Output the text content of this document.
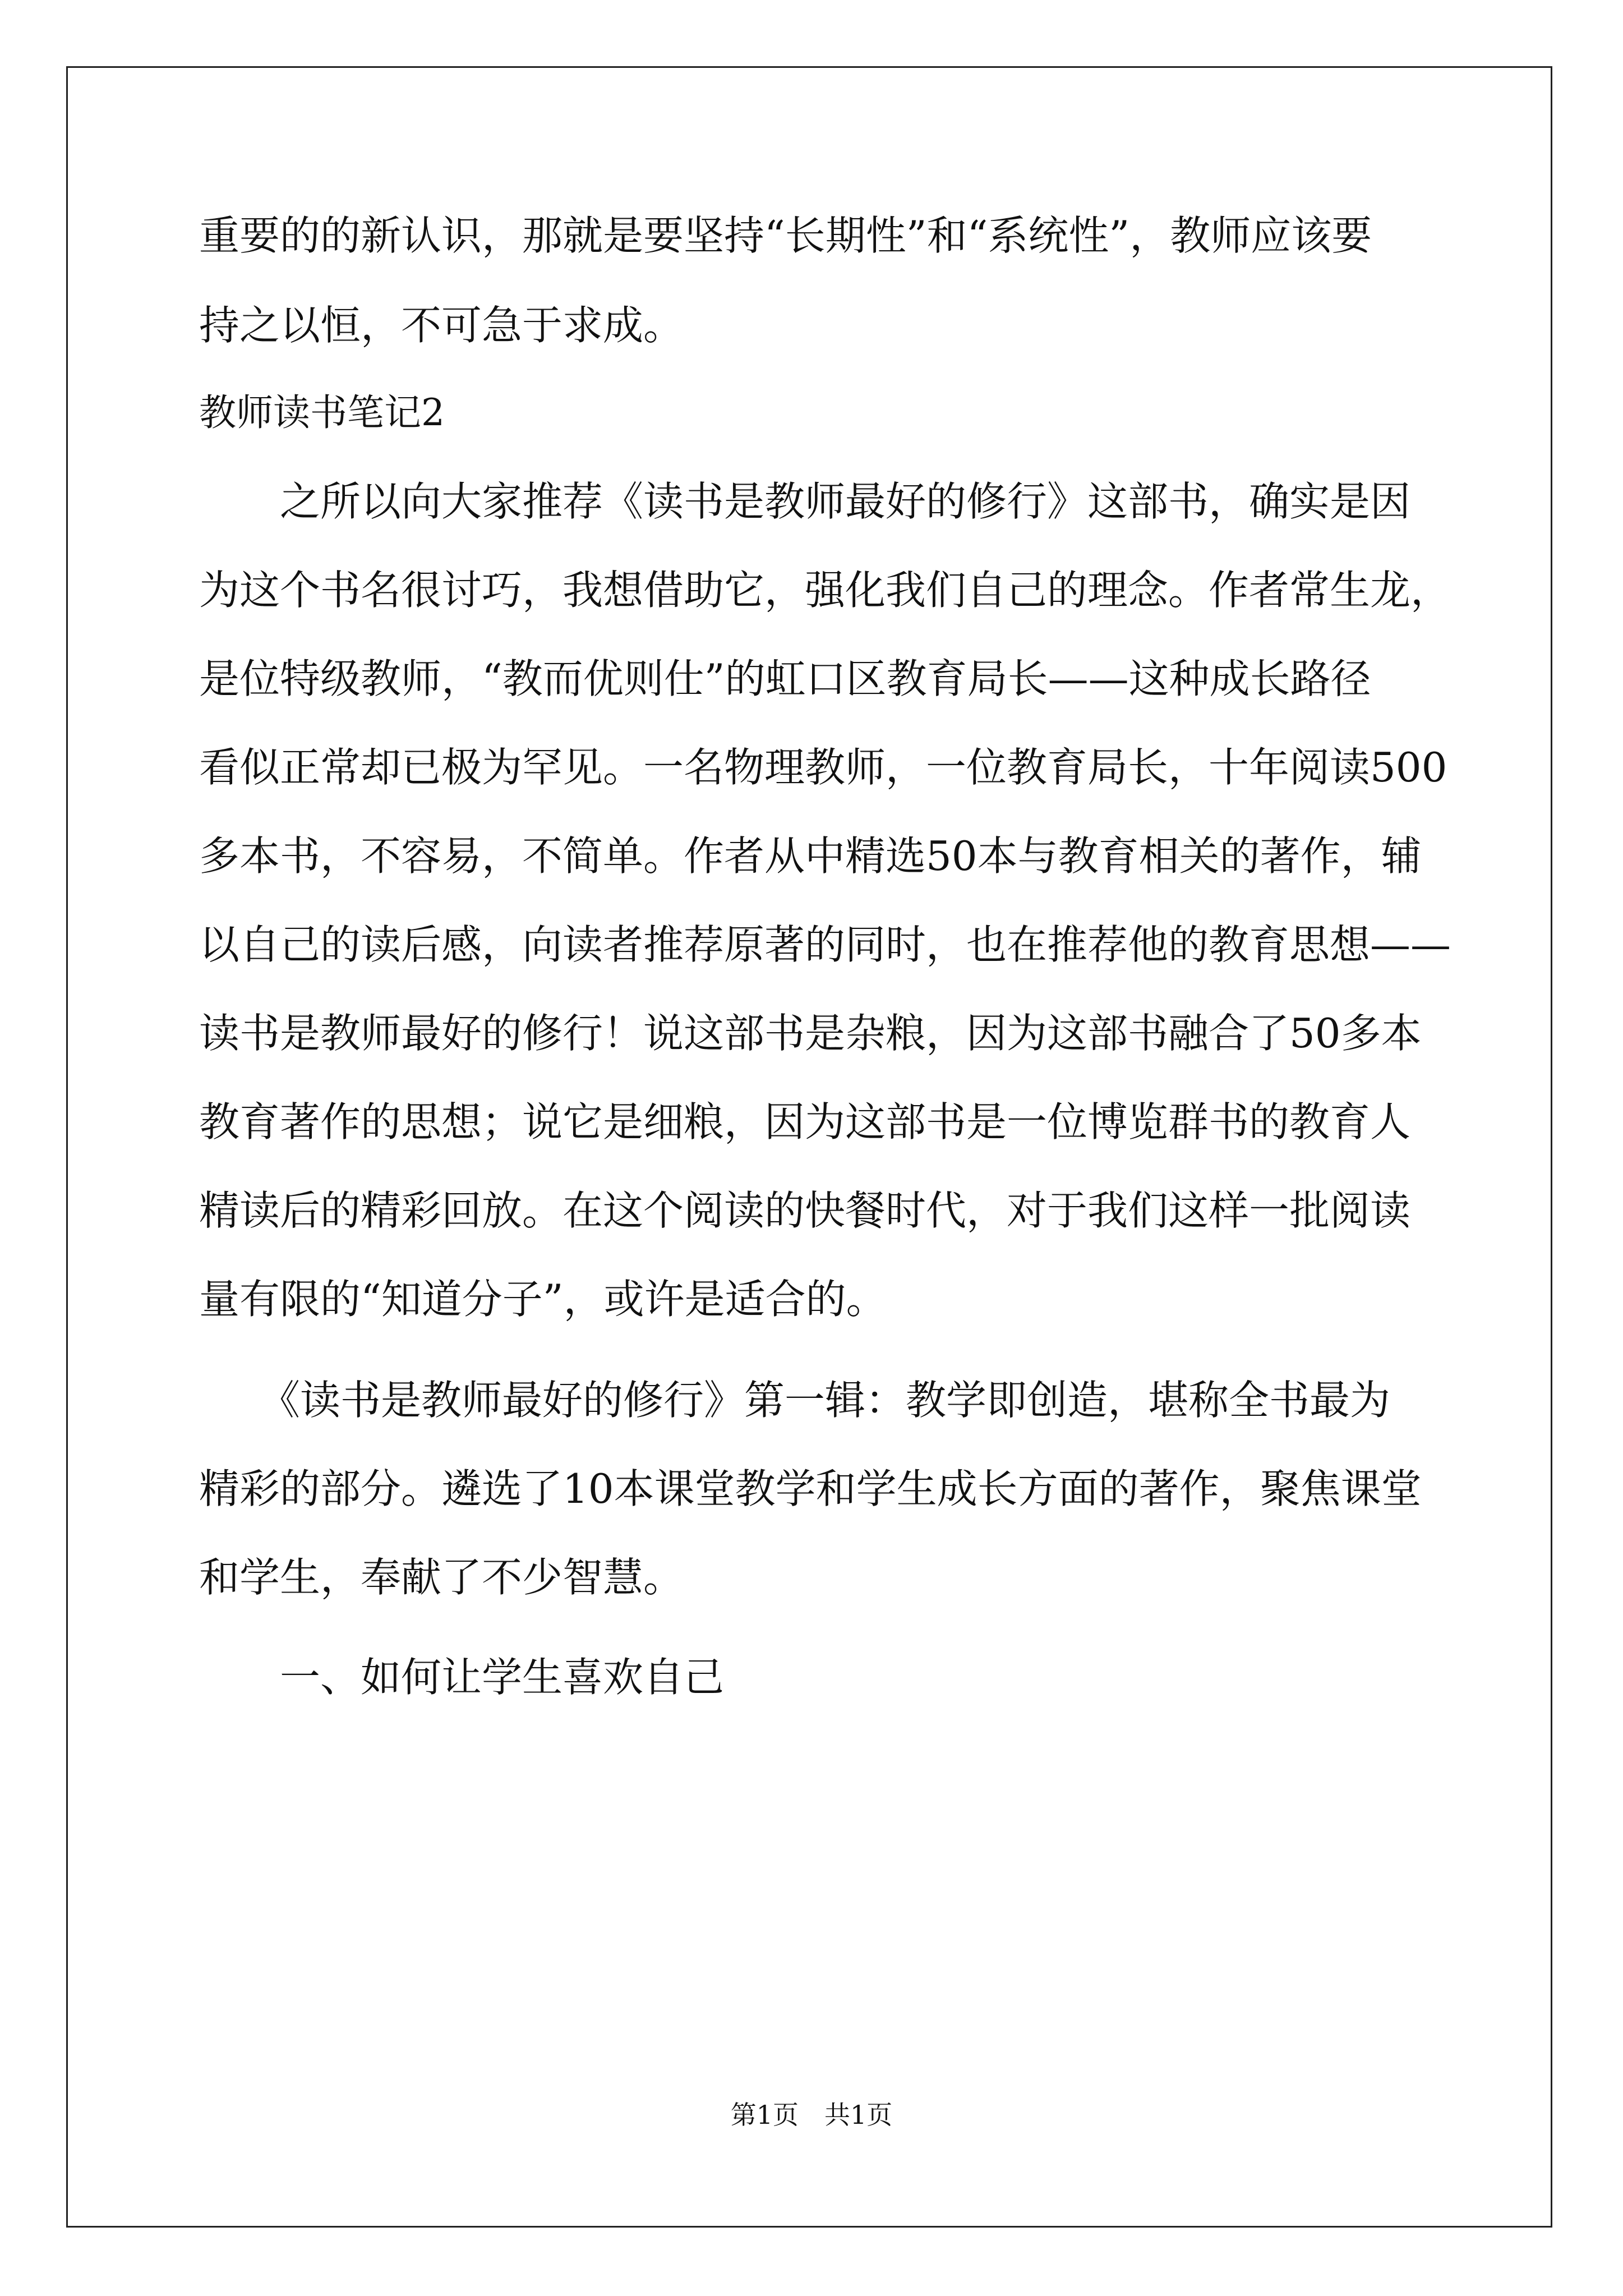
重要的的新认识，那就是要坚持“长期性”和“系统性”，教师应该要
持之以恒，不可急于求成。
教师读书笔记2
　　之所以向大家推荐《读书是教师最好的修行》这部书，确实是因
为这个书名很讨巧，我想借助它，强化我们自己的理念。作者常生龙，
是位特级教师，“教而优则仕”的虹口区教育局长——这种成长路径
看似正常却已极为罕见。一名物理教师，一位教育局长，十年阅读500
多本书，不容易，不简单。作者从中精选50本与教育相关的著作，辅
以自己的读后感，向读者推荐原著的同时，也在推荐他的教育思想——
读书是教师最好的修行！说这部书是杂粮，因为这部书融合了50多本
教育著作的思想；说它是细粮，因为这部书是一位博览群书的教育人
精读后的精彩回放。在这个阅读的快餐时代，对于我们这样一批阅读
量有限的“知道分子”，或许是适合的。
　　《读书是教师最好的修行》第一辑：教学即创造，堪称全书最为
精彩的部分。遴选了10本课堂教学和学生成长方面的著作，聚焦课堂
和学生，奉献了不少智慧。
　　一、如何让学生喜欢自己
第1页　共1页
